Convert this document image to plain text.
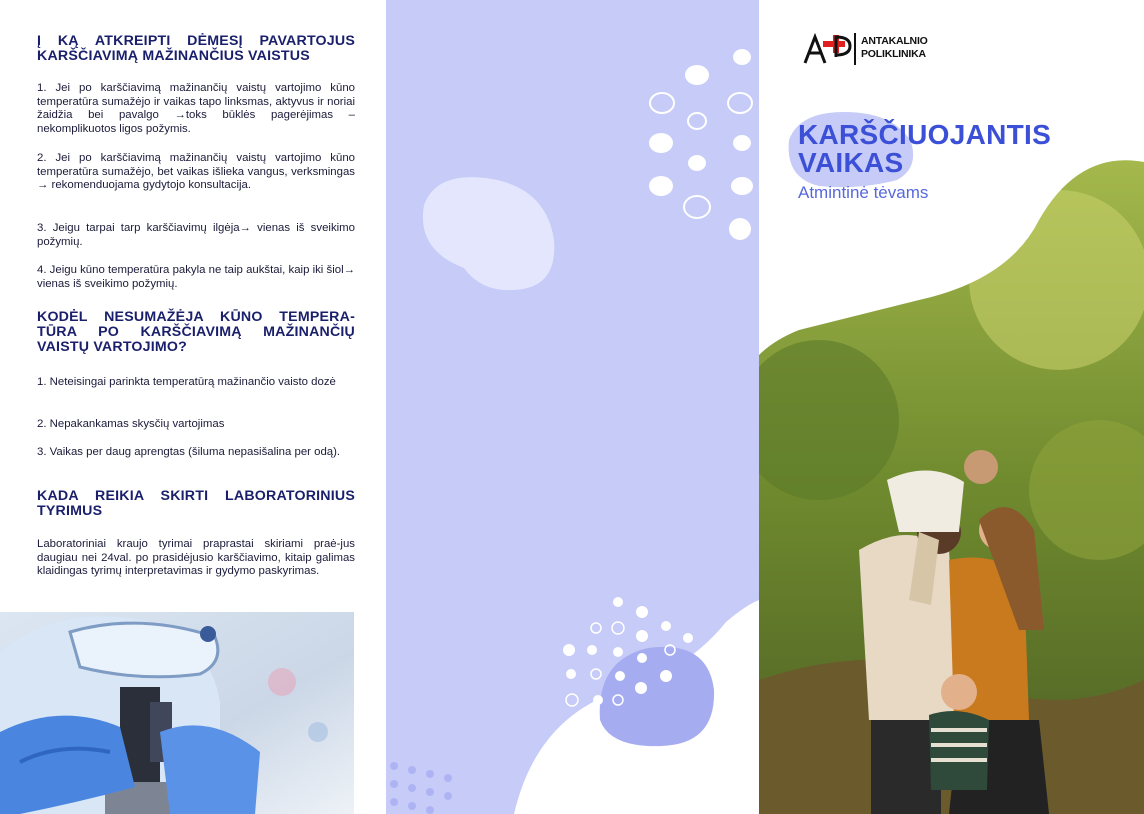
Į KĄ ATKREIPTI DĖMESĮ PAVARTOJUS KARŠČIAVIMĄ MAŽINANČIUS VAISTUS

1. Jei po karščiavimą mažinančių vaistų vartojimo kūno temperatūra sumažėjo ir vaikas tapo linksmas, aktyvus ir noriai žaidžia bei pavalgo →toks būklės pagerėjimas – nekomplikuotos ligos požymis.

2. Jei po karščiavimą mažinančių vaistų vartojimo kūno temperatūra sumažėjo, bet vaikas išlieka vangus, verksmingas → rekomenduojama gydytojo konsultacija.

3. Jeigu tarpai tarp karščiavimų ilgėja→ vienas iš sveikimo požymių.

4. Jeigu kūno temperatūra pakyla ne taip aukštai, kaip iki šiol→ vienas iš sveikimo požymių.

KODĖL NESUMAŽĖJA KŪNO TEMPERA-TŪRA PO KARŠČIAVIMĄ MAŽINANČIŲ VAISTŲ VARTOJIMO?

1. Neteisingai parinkta temperatūrą mažinančio vaisto dozė

2. Nepakankamas skysčių vartojimas

3. Vaikas per daug aprengtas (šiluma nepasišalina per odą).

KADA REIKIA SKIRTI LABORATORINIUS TYRIMUS

Laboratoriniai kraujo tyrimai praprastai skiriami praė-jus daugiau nei 24val. po prasidėjusio karščiavimo, kitaip galimas klaidingas tyrimų interpretavimas ir gydymo paskyrimas.

ANTAKALNIO
POLIKLINIKA

KARŠČIUOJANTIS
VAIKAS

Atmintinė tėvams
